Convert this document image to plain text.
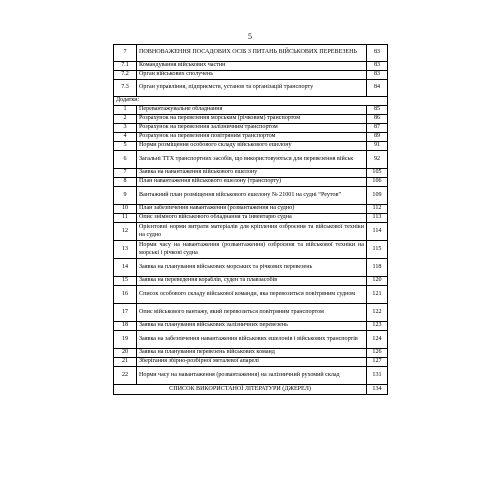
5
7	ПОВНОВАЖЕННЯ ПОСАДОВИХ ОСІБ З ПИТАНЬ ВІЙСЬКОВИХ ПЕРЕВЕЗЕНЬ	83
7.1	Командування військових частин	83
7.2	Орган військових сполучень	83
7.3	Орган управління, підприємств, установ та організацій транспорту	84
Додатки:		
1	Перевантажувальне обладнання	85
2	Розрахунок на перевезення морським (річковим) транспортом	86
3	Розрахунок на перевезення залізничним транспортом	87
4	Розрахунок на перевезення повітряним транспортом	89
5	Норми розміщення особового складу військового ешелону	91
6	Загальні ТТХ транспортних засобів, що використовуються для перевезення військ	92
7	Заявка на навантаження військового ешелону	105
8	План навантаження військового ешелону (транспорту)	106
9	Вантажний план розміщення військового ешелону № 21001 на судні “Реутов”	109
10	План забезпечення навантаження (розвантаження на судно)	112
11	Опис знімного військового обладнання та інвентарю судна	113
12	Орієнтовні норми витрати матеріалів для кріплення озброєння та військової техніки на судно	114
13	Норми часу на навантаження (розвантаження) озброєння та військової техніки на морські і річкові судна	115
14	Заявка на планування військових морських та річкових перевезень	118
15	Заявка на переведення кораблів, суден та плавзасобів	120
16	Список особового складу військової команди, яка перевозиться повітряним судном	121
17	Опис військового вантажу, який перевозиться повітряним транспортом	122
18	Заявка на планування військових залізничних перевезень	123
19	Заявка на забезпечення навантаження військових ешелонів і військових транспортів	124
20	Заявка на планування перевезень військових команд	126
21	Зберігання збірно-розбірної металевої апарелі	127
22	Норми часу на навантаження (розвантаження) на залізничний рухомий склад	131
СПИСОК ВИКОРИСТАНОЇ ЛІТЕРАТУРИ (ДЖЕРЕЛ)		134
